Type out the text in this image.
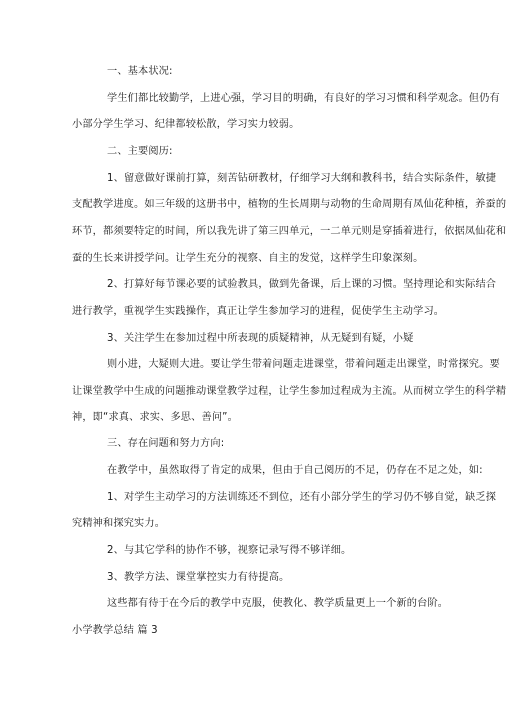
一、基本状况:
学生们都比较勤学，上进心强，学习目的明确，有良好的学习习惯和科学观念。但仍有
小部分学生学习、纪律都较松散，学习实力较弱。
二、主要阅历:
1、留意做好课前打算，刻苦钻研教材，仔细学习大纲和教科书，结合实际条件，敏捷
支配教学进度。如三年级的这册书中，植物的生长周期与动物的生命周期有凤仙花种植，养蚕的
环节，都须要特定的时间，所以我先讲了第三四单元，一二单元则是穿插着进行，依据凤仙花和
蚕的生长来讲授学问。让学生充分的视察、自主的发觉，这样学生印象深刻。
2、打算好每节课必要的试验教具，做到先备课，后上课的习惯。坚持理论和实际结合
进行教学，重视学生实践操作，真正让学生参加学习的进程，促使学生主动学习。
3、关注学生在参加过程中所表现的质疑精神，从无疑到有疑，小疑
则小进，大疑则大进。要让学生带着问题走进课堂，带着问题走出课堂，时常探究。要
让课堂教学中生成的问题推动课堂教学过程，让学生参加过程成为主流。从而树立学生的科学精
神，即“求真、求实、多思、善问”。
三、存在问题和努力方向:
在教学中，虽然取得了肯定的成果，但由于自己阅历的不足，仍存在不足之处，如:
1、对学生主动学习的方法训练还不到位，还有小部分学生的学习仍不够自觉，缺乏探
究精神和探究实力。
2、与其它学科的协作不够，视察记录写得不够详细。
3、教学方法、课堂掌控实力有待提高。
这些都有待于在今后的教学中克服，使教化、教学质量更上一个新的台阶。
小学教学总结 篇 3
